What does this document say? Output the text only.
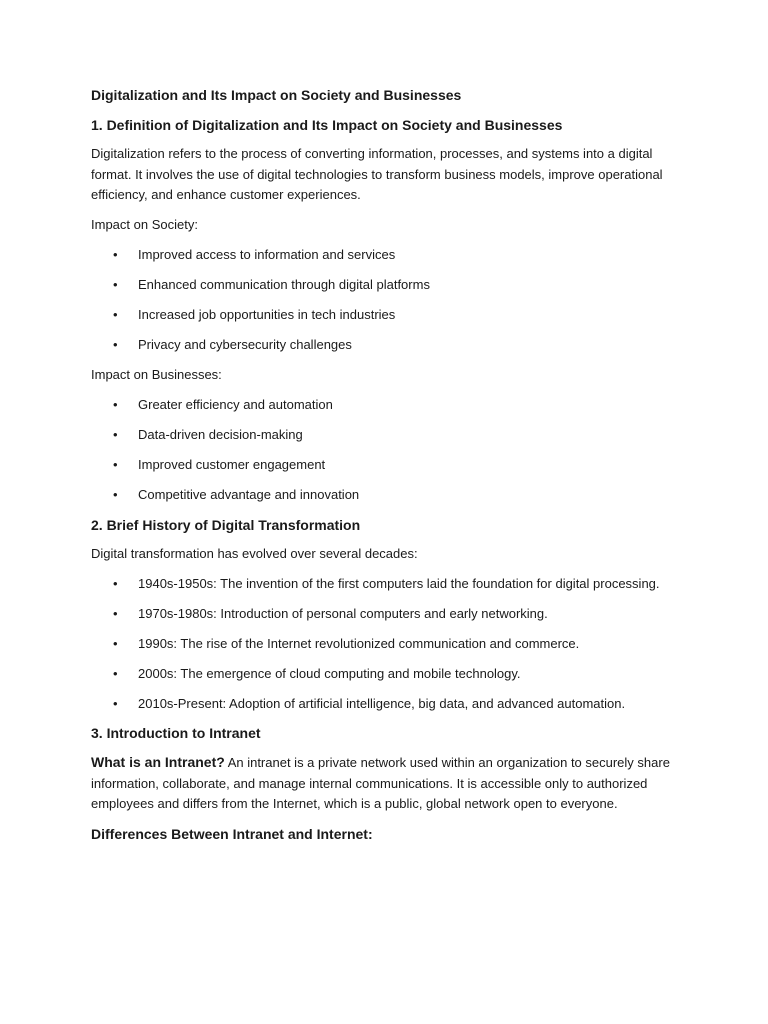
Digitalization and Its Impact on Society and Businesses

1. Definition of Digitalization and Its Impact on Society and Businesses

Digitalization refers to the process of converting information, processes, and systems into a digital format. It involves the use of digital technologies to transform business models, improve operational efficiency, and enhance customer experiences.

Impact on Society:

• Improved access to information and services
• Enhanced communication through digital platforms
• Increased job opportunities in tech industries
• Privacy and cybersecurity challenges

Impact on Businesses:

• Greater efficiency and automation
• Data-driven decision-making
• Improved customer engagement
• Competitive advantage and innovation

2. Brief History of Digital Transformation

Digital transformation has evolved over several decades:

• 1940s-1950s: The invention of the first computers laid the foundation for digital processing.
• 1970s-1980s: Introduction of personal computers and early networking.
• 1990s: The rise of the Internet revolutionized communication and commerce.
• 2000s: The emergence of cloud computing and mobile technology.
• 2010s-Present: Adoption of artificial intelligence, big data, and advanced automation.

3. Introduction to Intranet

What is an Intranet? An intranet is a private network used within an organization to securely share information, collaborate, and manage internal communications. It is accessible only to authorized employees and differs from the Internet, which is a public, global network open to everyone.

Differences Between Intranet and Internet:
